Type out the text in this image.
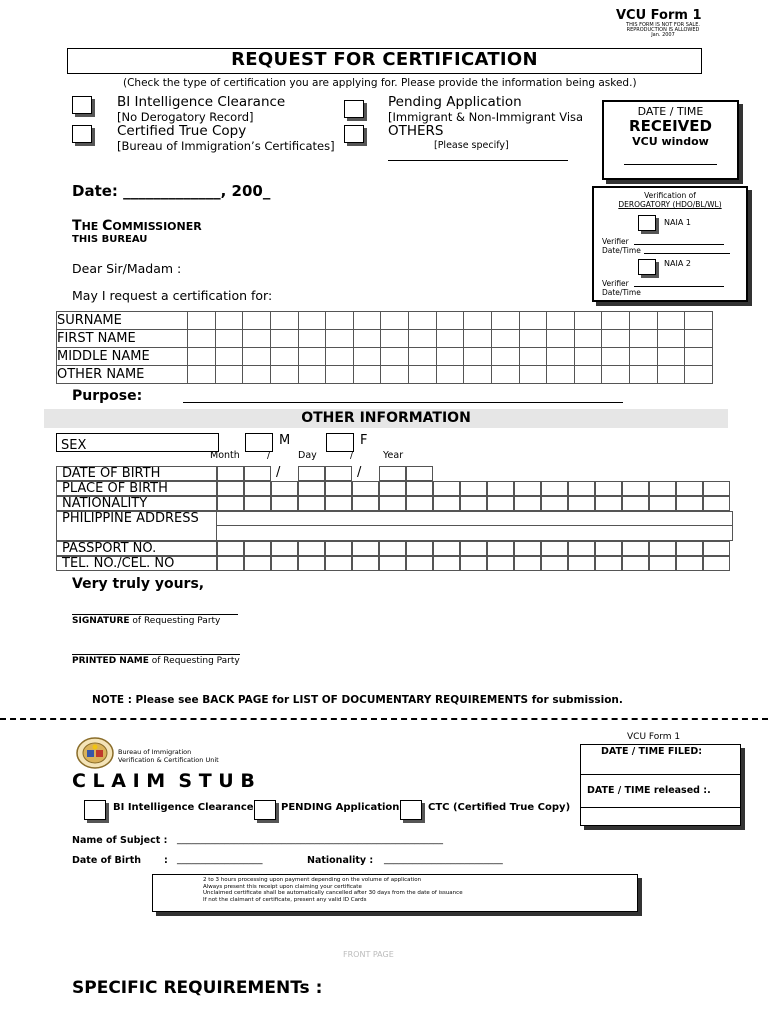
VCU Form 1
THIS FORM IS NOT FOR SALE.
REPRODUCTION IS ALLOWED
Jan. 2007
REQUEST FOR CERTIFICATION
(Check the type of certification you are applying for. Please provide the information being asked.)
BI Intelligence Clearance
[No Derogatory Record]
Certified True Copy
[Bureau of Immigration’s Certificates]
Pending Application
[Immigrant & Non-Immigrant Visa
OTHERS
[Please specify]
DATE / TIME
RECEIVED
VCU window
Verification of
DEROGATORY (HDO/BL/WL)
NAIA 1
Verifier
Date/Time
NAIA 2
Verifier
Date/Time
Date: _____________, 200_
THE COMMISSIONER
THIS BUREAU
Dear Sir/Madam :
May I request a certification for:
SURNAME																			
FIRST NAME																			
MIDDLE NAME																			
OTHER NAME																			
Purpose:
OTHER INFORMATION
SEX	M	F
Month	/	Day	/	Year
DATE OF BIRTH	/	/
PLACE OF BIRTH
NATIONALITY
PHILIPPINE ADDRESS
PASSPORT NO.
TEL. NO./CEL. NO
Very truly yours,
SIGNATURE of Requesting Party
PRINTED NAME of Requesting Party
NOTE : Please see BACK PAGE for LIST OF DOCUMENTARY REQUIREMENTS for submission.
VCU Form 1
Bureau of Immigration
Verification & Certification Unit
C L A I M  S T U B
DATE / TIME FILED:
DATE / TIME released :.
BI Intelligence Clearance	PENDING Application	CTC (Certified True Copy)
Name of Subject : ________________________________________________________
Date of Birth : __________________	Nationality : _________________________
2 to 3 hours processing upon payment depending on the volume of application
Always present this receipt upon claiming your certificate
Unclaimed certificate shall be automatically cancelled after 30 days from the date of issuance
If not the claimant of certificate, present any valid ID Cards
FRONT PAGE
SPECIFIC REQUIREMENTs :
